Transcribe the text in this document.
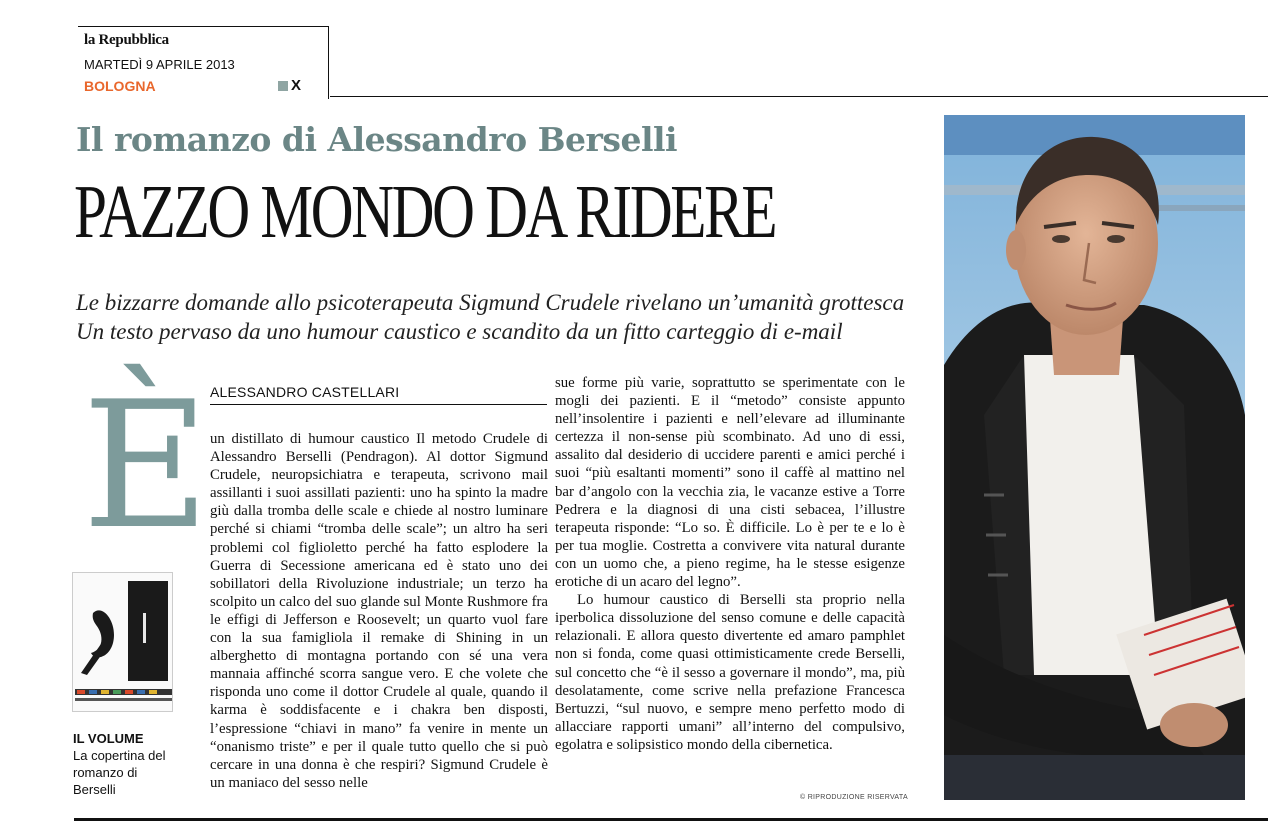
la Repubblica
MARTEDÌ 9 APRILE 2013
BOLOGNA	X
Il romanzo di Alessandro Berselli
PAZZO MONDO DA RIDERE
Le bizzarre domande allo psicoterapeuta Sigmund Crudele rivelano un’umanità grottesca
Un testo pervaso da uno humour caustico e scandito da un fitto carteggio di e-mail
ALESSANDRO CASTELLARI
È un distillato di humour caustico Il metodo Crudele di Alessandro Berselli (Pendragon). Al dottor Sigmund Crudele, neuropsichiatra e terapeuta, scrivono mail assillanti i suoi assillati pazienti: uno ha spinto la madre giù dalla tromba delle scale e chiede al nostro luminare perché si chiami “tromba delle scale”; un altro ha seri problemi col figlioletto perché ha fatto esplodere la Guerra di Secessione americana ed è stato uno dei sobillatori della Rivoluzione industriale; un terzo ha scolpito un calco del suo glande sul Monte Rushmore fra le effigi di Jefferson e Roosevelt; un quarto vuol fare con la sua famigliola il remake di Shining in un alberghetto di montagna portando con sé una vera mannaia affinché scorra sangue vero. E che volete che risponda uno come il dottor Crudele al quale, quando il karma è soddisfacente e i chakra ben disposti, l’espressione “chiavi in mano” fa venire in mente un “onanismo triste” e per il quale tutto quello che si può cercare in una donna è che respiri? Sigmund Crudele è un maniaco del sesso nelle
sue forme più varie, soprattutto se sperimentate con le mogli dei pazienti. E il “metodo” consiste appunto nell’insolentire i pazienti e nell’elevare ad illuminante certezza il non-sense più scombinato. Ad uno di essi, assalito dal desiderio di uccidere parenti e amici perché i suoi “più esaltanti momenti” sono il caffè al mattino nel bar d’angolo con la vecchia zia, le vacanze estive a Torre Pedrera e la diagnosi di una cisti sebacea, l’illustre terapeuta risponde: “Lo so. È difficile. Lo è per te e lo è per tua moglie. Costretta a convivere vita natural durante con un uomo che, a pieno regime, ha le stesse esigenze erotiche di un acaro del legno”.
Lo humour caustico di Berselli sta proprio nella iperbolica dissoluzione del senso comune e delle capacità relazionali. E allora questo divertente ed amaro pamphlet non si fonda, come quasi ottimisticamente crede Berselli, sul concetto che “è il sesso a governare il mondo”, ma, più desolatamente, come scrive nella prefazione Francesca Bertuzzi, “sul nuovo, e sempre meno perfetto modo di allacciare rapporti umani” all’interno del compulsivo, egolatra e solipsistico mondo della cibernetica.
© RIPRODUZIONE RISERVATA
IL VOLUME
La copertina del romanzo di Berselli
